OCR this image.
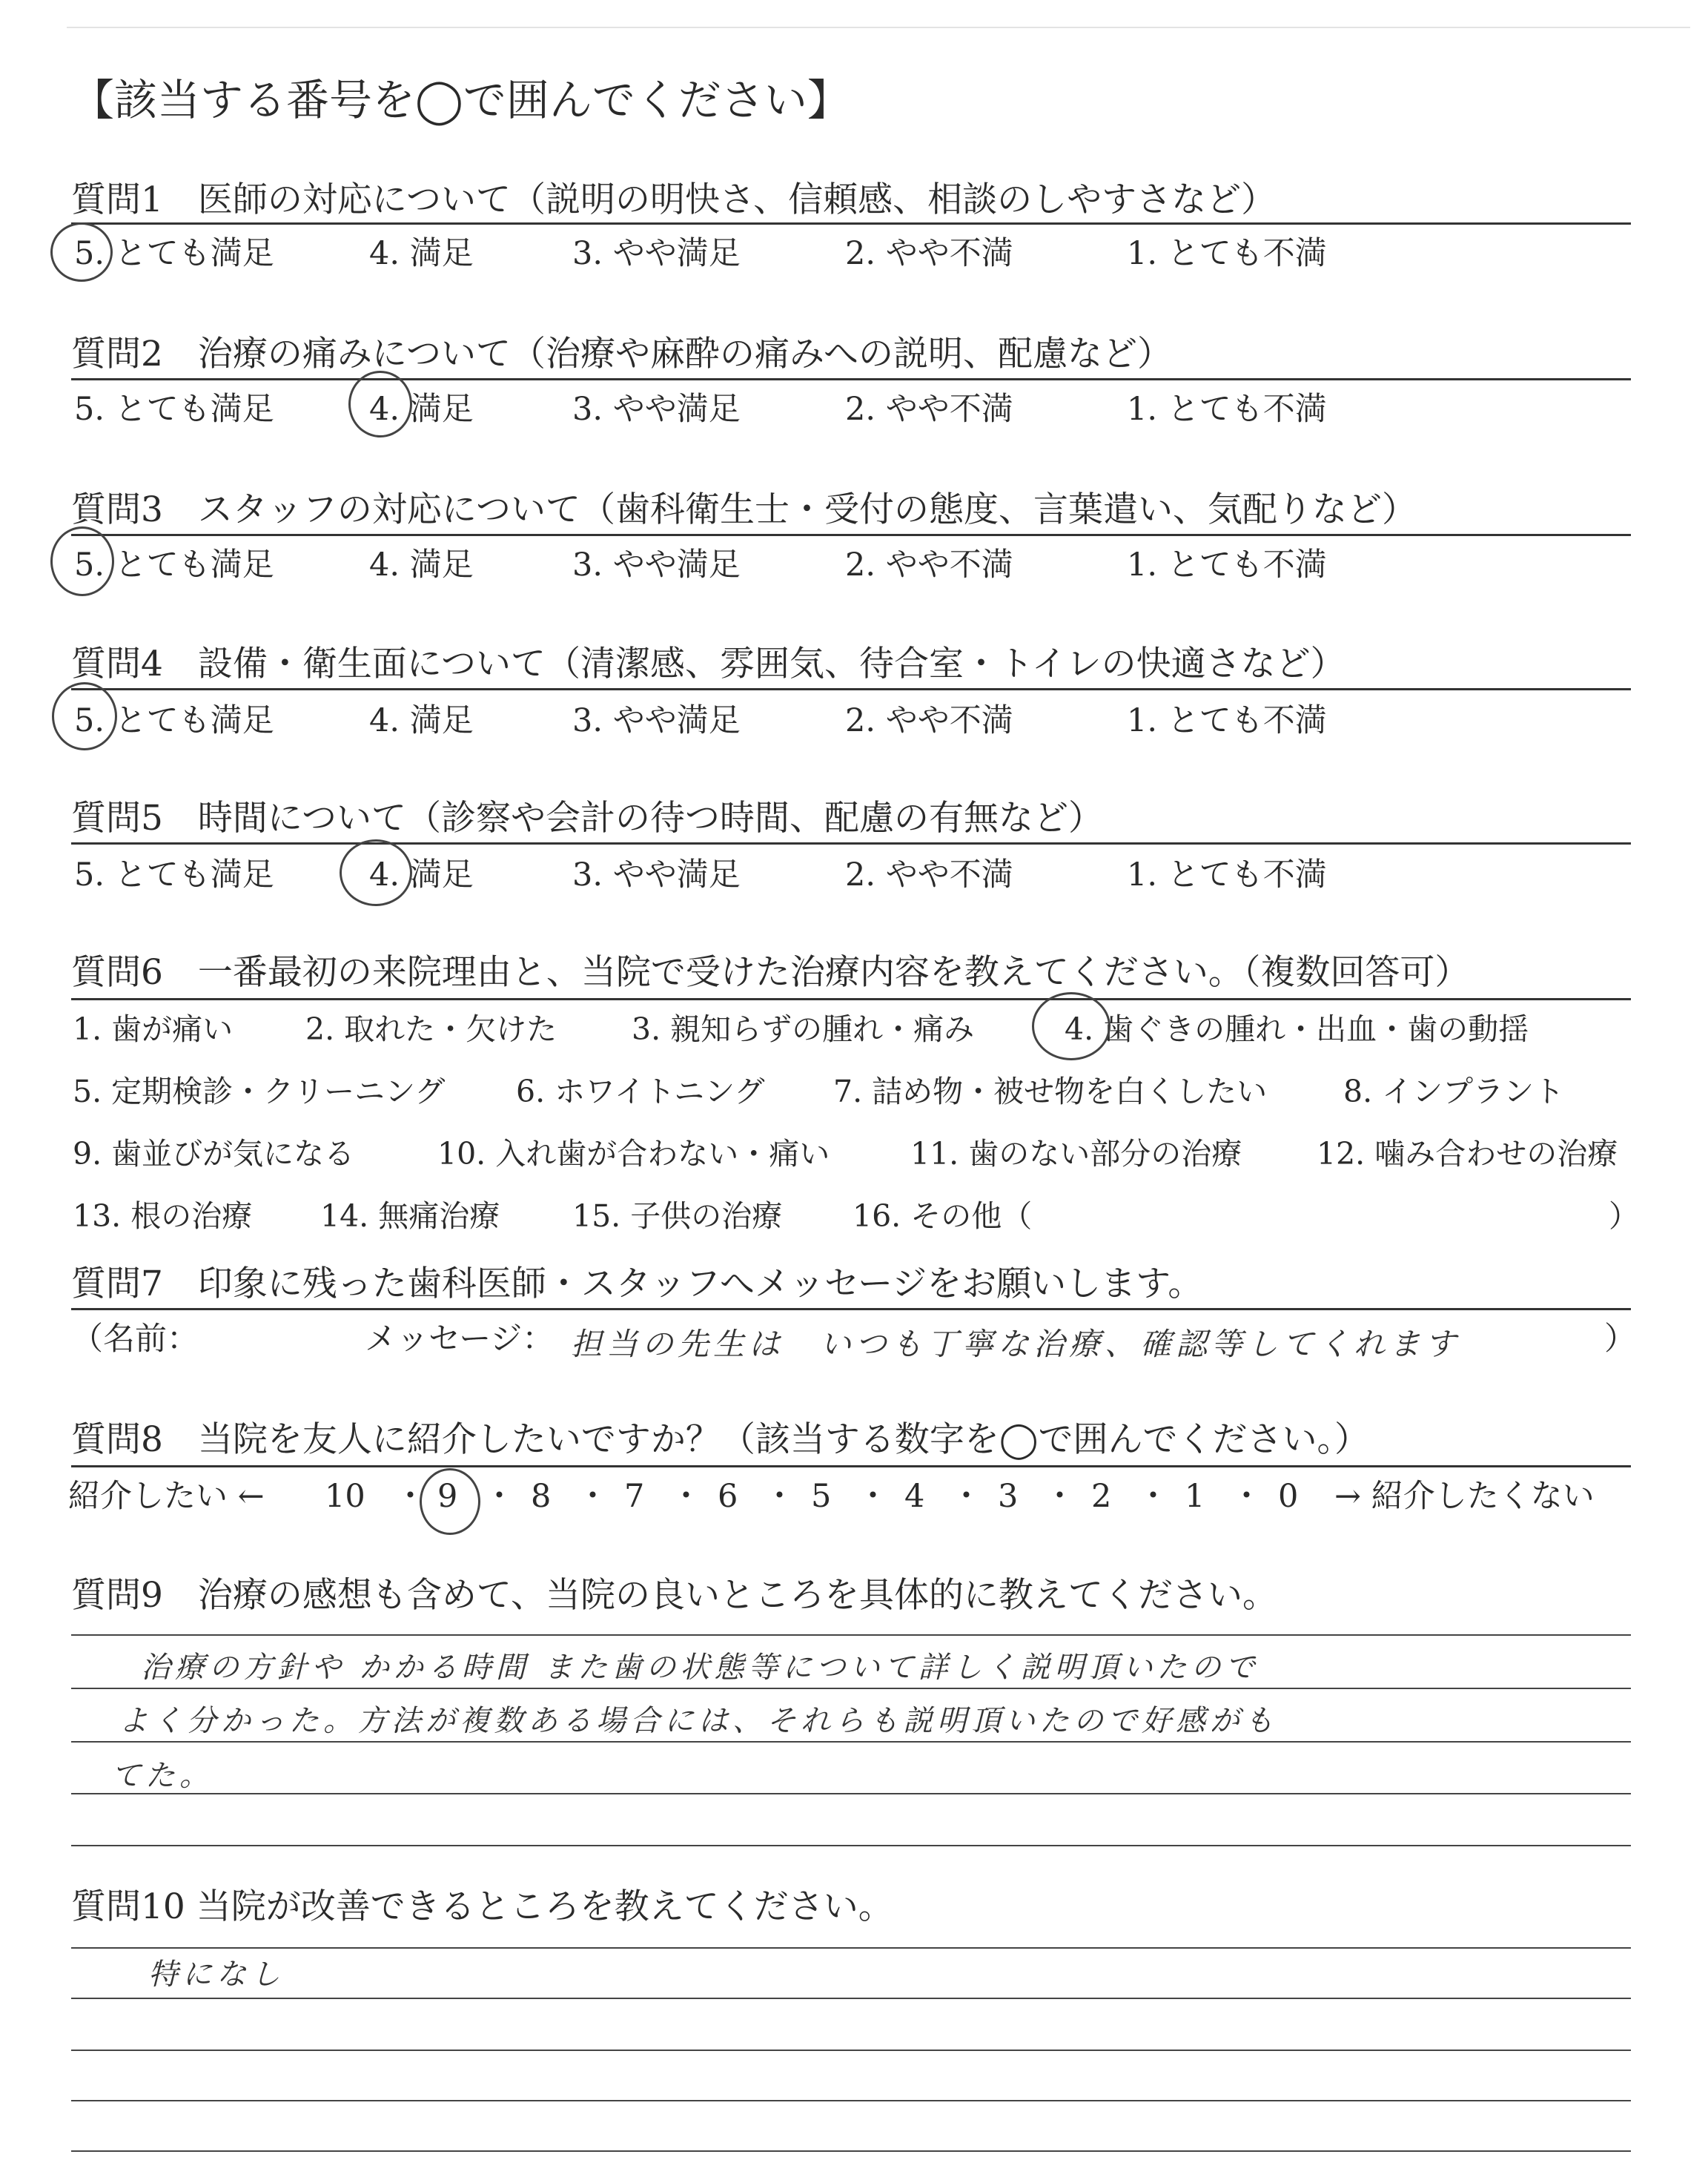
【該当する番号を◯で囲んでください】
質問1　 医師の対応について（説明の明快さ、信頼感、相談のしやすさなど）
5. とても満足	4. 満足	3. やや満足	2. やや不満	1. とても不満
質問2　 治療の痛みについて（治療や麻酔の痛みへの説明、配慮など）
5. とても満足	4. 満足	3. やや満足	2. やや不満	1. とても不満
質問3　 スタッフの対応について（歯科衛生士・受付の態度、言葉遣い、気配りなど）
5. とても満足	4. 満足	3. やや満足	2. やや不満	1. とても不満
質問4　 設備・衛生面について（清潔感、雰囲気、待合室・トイレの快適さなど）
5. とても満足	4. 満足	3. やや満足	2. やや不満	1. とても不満
質問5　 時間について（診察や会計の待つ時間、配慮の有無など）
5. とても満足	4. 満足	3. やや満足	2. やや不満	1. とても不満
質問6　 一番最初の来院理由と、当院で受けた治療内容を教えてください。（複数回答可）
1. 歯が痛い 2. 取れた・欠けた 3. 親知らずの腫れ・痛み	4. 歯ぐきの腫れ・出血・歯の動揺
5. 定期検診・クリーニング 6. ホワイトニング 7. 詰め物・被せ物を白くしたい	8. インプラント
9. 歯並びが気になる	10. 入れ歯が合わない・痛い	11. 歯のない部分の治療 12. 噛み合わせの治療
13. 根の治療 14. 無痛治療 15. 子供の治療 16. その他（	）
質問7　 印象に残った歯科医師・スタッフへメッセージをお願いします。
（名前：	メッセージ： 担当の先生は　いつも丁寧な治療、確認等してくれます	）
質問8　 当院を友人に紹介したいですか？（該当する数字を◯で囲んでください。）
紹介したい ← 10 ・ 9 ・ 8 ・ 7 ・ 6 ・ 5 ・ 4 ・ 3 ・ 2 ・ 1 ・ 0 → 紹介したくない
質問9　 治療の感想も含めて、当院の良いところを具体的に教えてください。
治療の方針や かかる時間 また歯の状態等について詳しく説明頂いたので
よく分かった。方法が複数ある場合には、それらも説明頂いたので好感がも
てた。
質問10 当院が改善できるところを教えてください。
特になし
